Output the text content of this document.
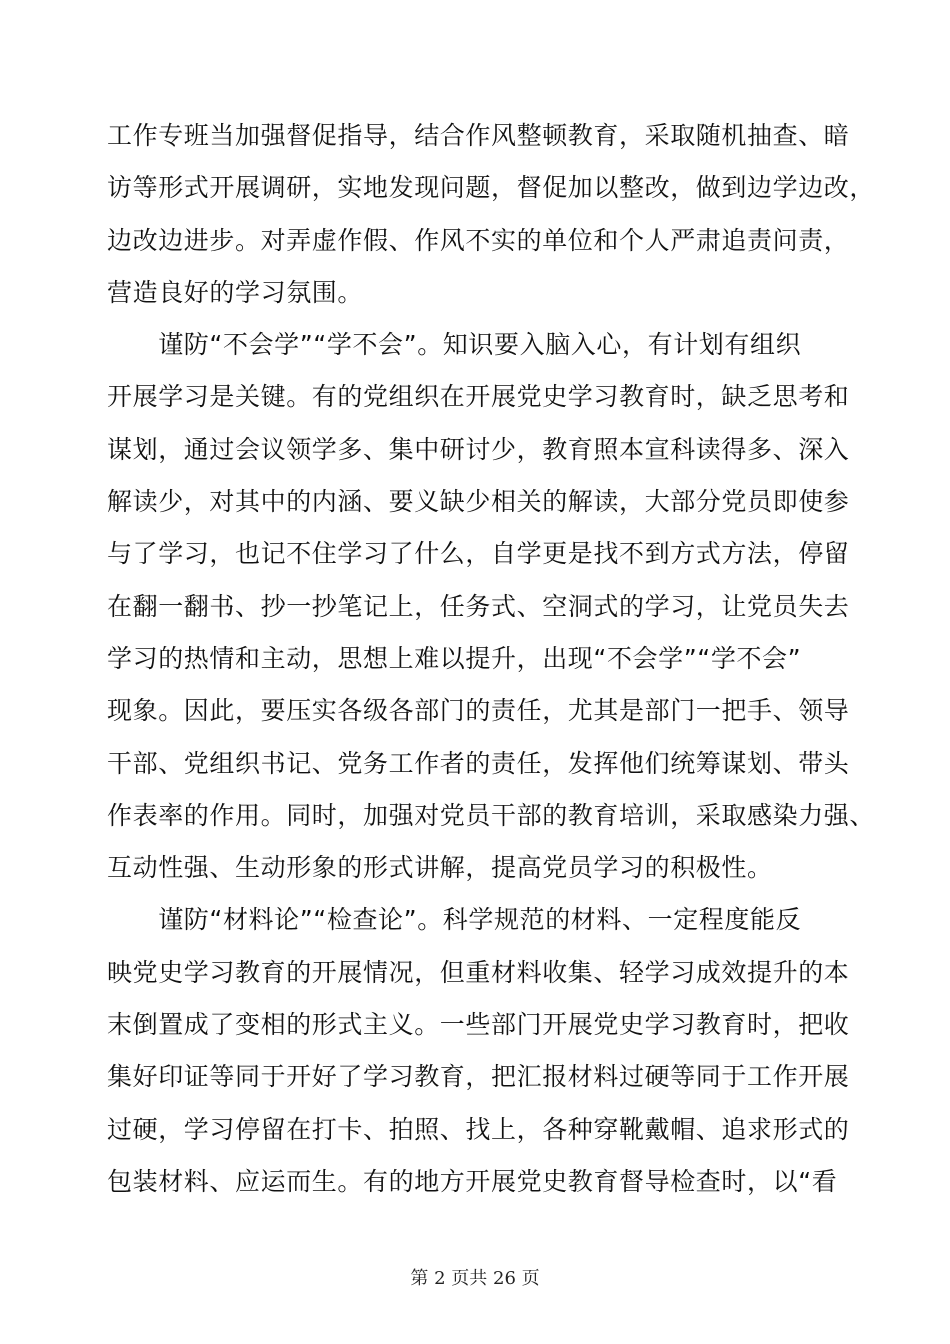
工作专班当加强督促指导，结合作风整顿教育，采取随机抽查、暗
访等形式开展调研，实地发现问题，督促加以整改，做到边学边改，
边改边进步。对弄虚作假、作风不实的单位和个人严肃追责问责，
营造良好的学习氛围。
　　谨防“不会学”“学不会”。知识要入脑入心，有计划有组织
开展学习是关键。有的党组织在开展党史学习教育时，缺乏思考和
谋划，通过会议领学多、集中研讨少，教育照本宣科读得多、深入
解读少，对其中的内涵、要义缺少相关的解读，大部分党员即使参
与了学习，也记不住学习了什么，自学更是找不到方式方法，停留
在翻一翻书、抄一抄笔记上，任务式、空洞式的学习，让党员失去
学习的热情和主动，思想上难以提升，出现“不会学”“学不会”
现象。因此，要压实各级各部门的责任，尤其是部门一把手、领导
干部、党组织书记、党务工作者的责任，发挥他们统筹谋划、带头
作表率的作用。同时，加强对党员干部的教育培训，采取感染力强、
互动性强、生动形象的形式讲解，提高党员学习的积极性。
　　谨防“材料论”“检查论”。科学规范的材料、一定程度能反
映党史学习教育的开展情况，但重材料收集、轻学习成效提升的本
末倒置成了变相的形式主义。一些部门开展党史学习教育时，把收
集好印证等同于开好了学习教育，把汇报材料过硬等同于工作开展
过硬，学习停留在打卡、拍照、找上，各种穿靴戴帽、追求形式的
包装材料、应运而生。有的地方开展党史教育督导检查时，以“看
第 2 页共 26 页
